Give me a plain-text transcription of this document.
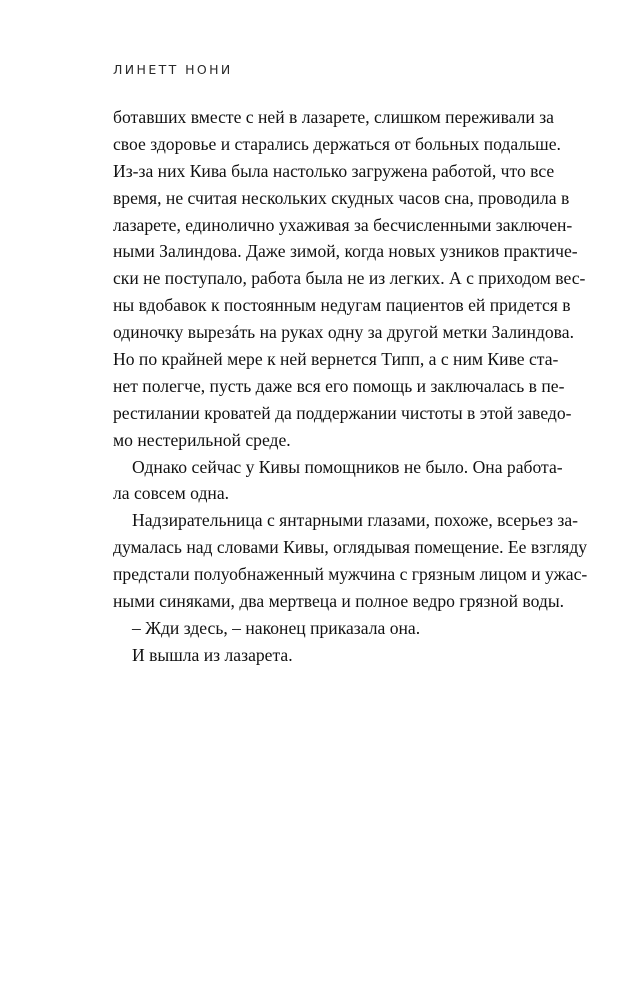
ЛИНЕТТ НОНИ
ботавших вместе с ней в лазарете, слишком переживали за
свое здоровье и старались держаться от больных подальше.
Из-за них Кива была настолько загружена работой, что все
время, не считая нескольких скудных часов сна, проводила в
лазарете, единолично ухаживая за бесчисленными заключен-
ными Залиндова. Даже зимой, когда новых узников практиче-
ски не поступало, работа была не из легких. А с приходом вес-
ны вдобавок к постоянным недугам пациентов ей придется в
одиночку вырезáть на руках одну за другой метки Залиндова.
Но по крайней мере к ней вернется Типп, а с ним Киве ста-
нет полегче, пусть даже вся его помощь и заключалась в пе-
рестилании кроватей да поддержании чистоты в этой заведо-
мо нестерильной среде.
Однако сейчас у Кивы помощников не было. Она работа-
ла совсем одна.
Надзирательница с янтарными глазами, похоже, всерьез за-
думалась над словами Кивы, оглядывая помещение. Ее взгляду
предстали полуобнаженный мужчина с грязным лицом и ужас-
ными синяками, два мертвеца и полное ведро грязной воды.
– Жди здесь, – наконец приказала она.
И вышла из лазарета.
